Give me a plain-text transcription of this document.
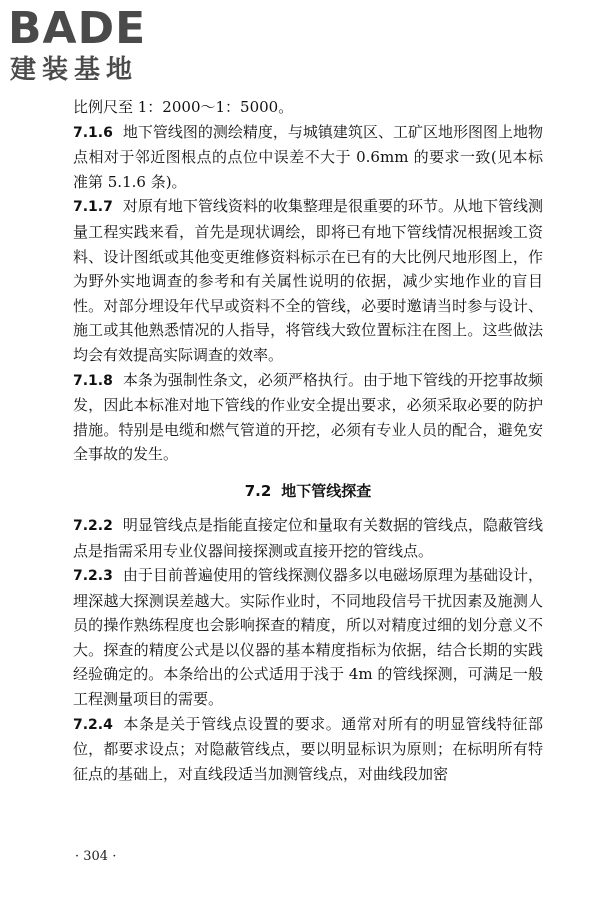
BADE
建装基地

比例尺至 1：2000～1：5000。

7.1.6 地下管线图的测绘精度，与城镇建筑区、工矿区地形图图上地物点相对于邻近图根点的点位中误差不大于 0.6mm 的要求一致(见本标准第 5.1.6 条)。

7.1.7 对原有地下管线资料的收集整理是很重要的环节。从地下管线测量工程实践来看，首先是现状调绘，即将已有地下管线情况根据竣工资料、设计图纸或其他变更维修资料标示在已有的大比例尺地形图上，作为野外实地调查的参考和有关属性说明的依据，减少实地作业的盲目性。对部分埋设年代早或资料不全的管线，必要时邀请当时参与设计、施工或其他熟悉情况的人指导，将管线大致位置标注在图上。这些做法均会有效提高实际调查的效率。

7.1.8 本条为强制性条文，必须严格执行。由于地下管线的开挖事故频发，因此本标准对地下管线的作业安全提出要求，必须采取必要的防护措施。特别是电缆和燃气管道的开挖，必须有专业人员的配合，避免安全事故的发生。

7.2 地下管线探查

7.2.2 明显管线点是指能直接定位和量取有关数据的管线点，隐蔽管线点是指需采用专业仪器间接探测或直接开挖的管线点。

7.2.3 由于目前普遍使用的管线探测仪器多以电磁场原理为基础设计，埋深越大探测误差越大。实际作业时，不同地段信号干扰因素及施测人员的操作熟练程度也会影响探查的精度，所以对精度过细的划分意义不大。探查的精度公式是以仪器的基本精度指标为依据，结合长期的实践经验确定的。本条给出的公式适用于浅于 4m 的管线探测，可满足一般工程测量项目的需要。

7.2.4 本条是关于管线点设置的要求。通常对所有的明显管线特征部位，都要求设点；对隐蔽管线点，要以明显标识为原则；在标明所有特征点的基础上，对直线段适当加测管线点，对曲线段加密

· 304 ·
